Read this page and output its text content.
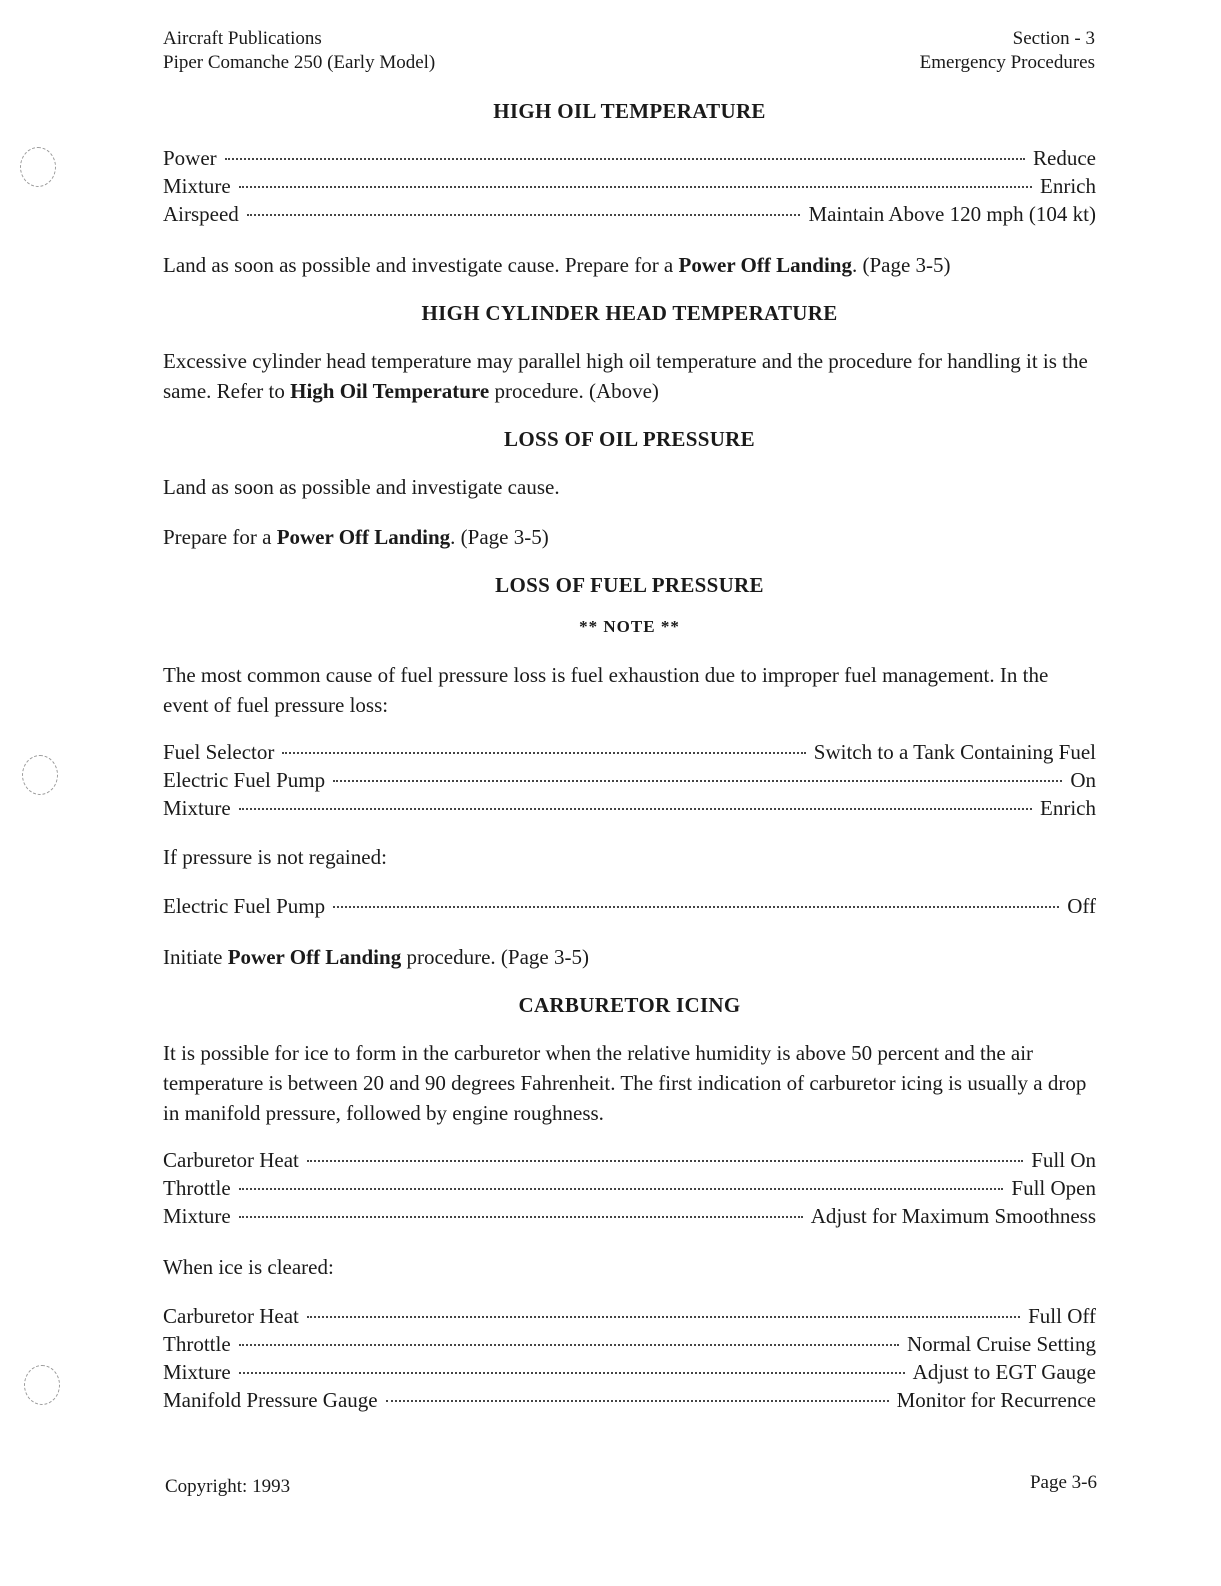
Aircraft Publications
Piper Comanche 250 (Early Model)
Section - 3
Emergency Procedures
HIGH OIL TEMPERATURE
Power	Reduce
Mixture	Enrich
Airspeed	Maintain Above 120 mph (104 kt)

Land as soon as possible and investigate cause. Prepare for a Power Off Landing. (Page 3-5)

HIGH CYLINDER HEAD TEMPERATURE

Excessive cylinder head temperature may parallel high oil temperature and the procedure for handling it is the same. Refer to High Oil Temperature procedure. (Above)

LOSS OF OIL PRESSURE

Land as soon as possible and investigate cause.

Prepare for a Power Off Landing. (Page 3-5)

LOSS OF FUEL PRESSURE
** NOTE **

The most common cause of fuel pressure loss is fuel exhaustion due to improper fuel management. In the event of fuel pressure loss:

Fuel Selector	Switch to a Tank Containing Fuel
Electric Fuel Pump	On
Mixture	Enrich

If pressure is not regained:

Electric Fuel Pump	Off

Initiate Power Off Landing procedure. (Page 3-5)

CARBURETOR ICING

It is possible for ice to form in the carburetor when the relative humidity is above 50 percent and the air temperature is between 20 and 90 degrees Fahrenheit. The first indication of carburetor icing is usually a drop in manifold pressure, followed by engine roughness.

Carburetor Heat	Full On
Throttle	Full Open
Mixture	Adjust for Maximum Smoothness

When ice is cleared:

Carburetor Heat	Full Off
Throttle	Normal Cruise Setting
Mixture	Adjust to EGT Gauge
Manifold Pressure Gauge	Monitor for Recurrence
Copyright: 1993	Page 3-6
